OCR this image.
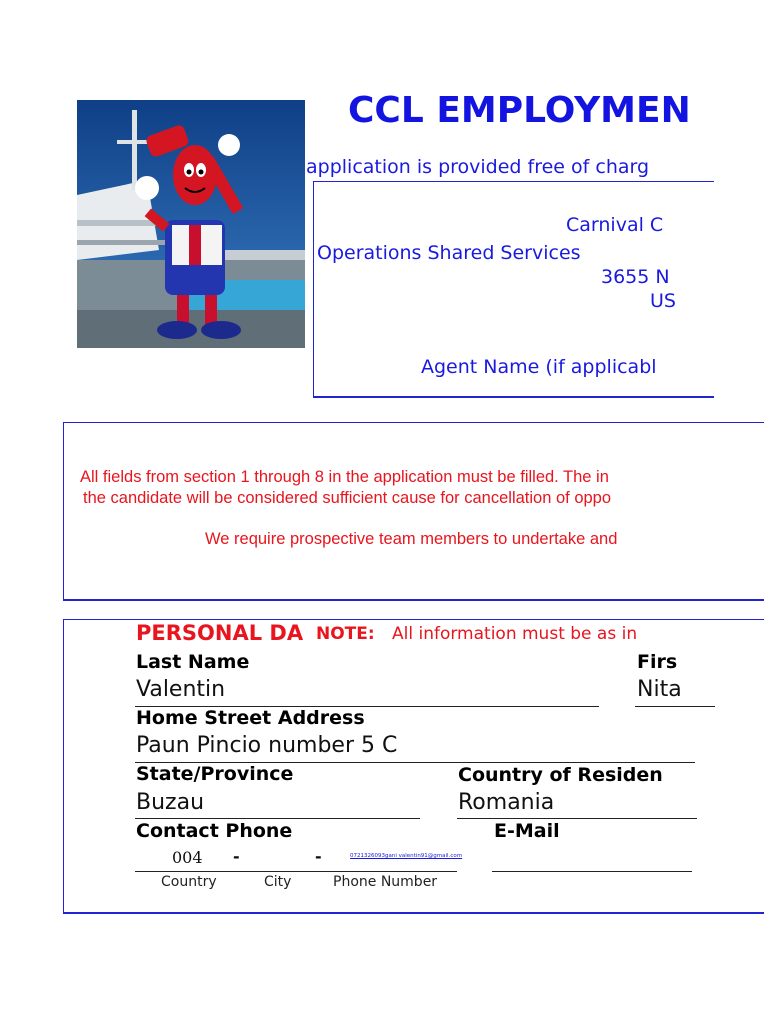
CCL EMPLOYMEN
application is provided free of charg
Carnival C
Operations Shared Services
3655 N
US
Agent Name (if applicabl
All fields from section 1 through 8 in the application must be filled. The in
the candidate will be considered sufficient cause for cancellation of oppo
We require prospective team members to undertake and
PERSONAL DA NOTE: All information must be as in
Last Name
Valentin
Firs
Nita
Home Street Address
Paun Pincio number 5 C
State/Province
Buzau
Country of Residen
Romania
Contact Phone
004 -	-	0721326093gani valentin91@gmail.com
E-Mail
Country	City	Phone Number
